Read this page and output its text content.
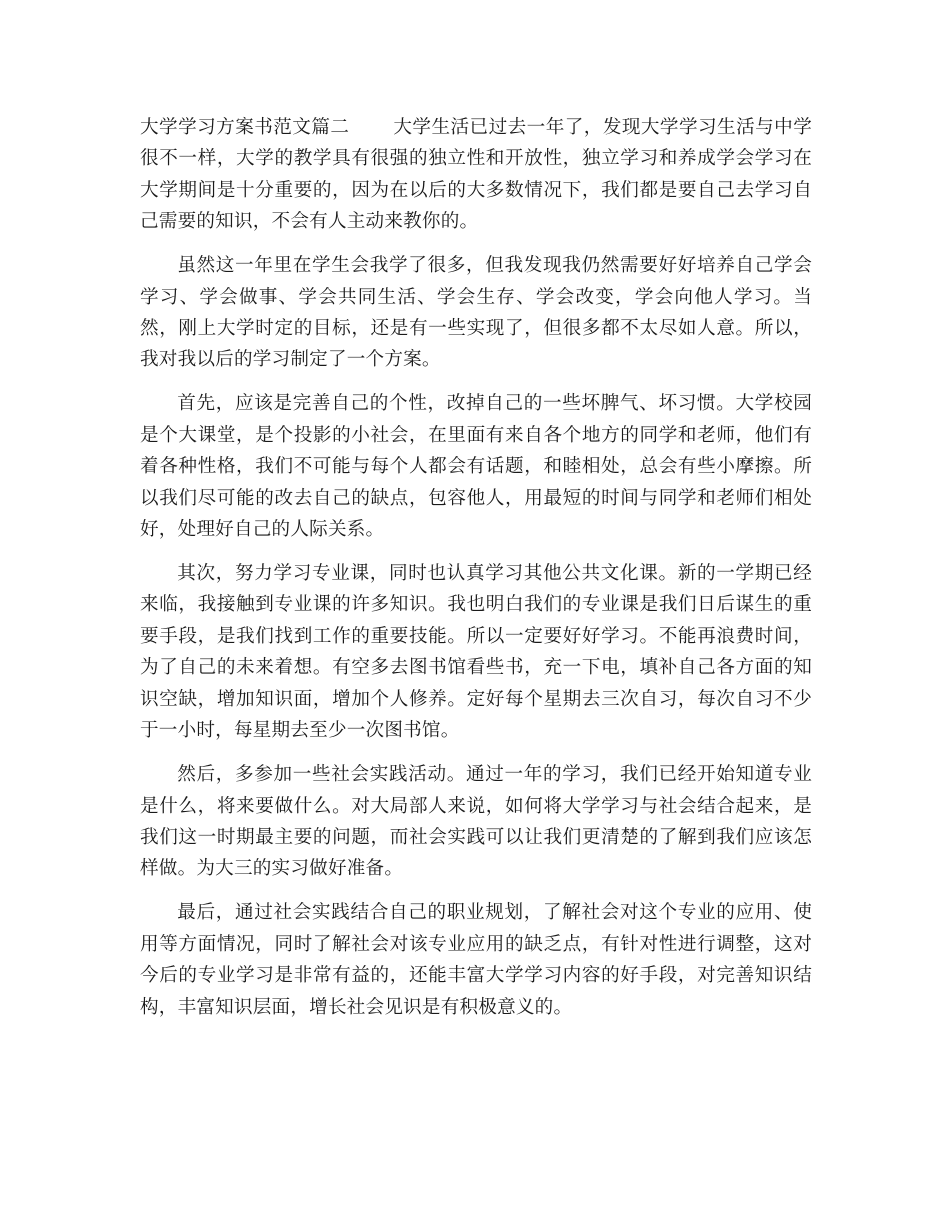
大学学习方案书范文篇二 大学生活已过去一年了，发现大学学习生活与中学很不一样，大学的教学具有很强的独立性和开放性，独立学习和养成学会学习在大学期间是十分重要的，因为在以后的大多数情况下，我们都是要自己去学习自己需要的知识，不会有人主动来教你的。

虽然这一年里在学生会我学了很多，但我发现我仍然需要好好培养自己学会学习、学会做事、学会共同生活、学会生存、学会改变，学会向他人学习。当然，刚上大学时定的目标，还是有一些实现了，但很多都不太尽如人意。所以，我对我以后的学习制定了一个方案。

首先，应该是完善自己的个性，改掉自己的一些坏脾气、坏习惯。大学校园是个大课堂，是个投影的小社会，在里面有来自各个地方的同学和老师，他们有着各种性格，我们不可能与每个人都会有话题，和睦相处，总会有些小摩擦。所以我们尽可能的改去自己的缺点，包容他人，用最短的时间与同学和老师们相处好，处理好自己的人际关系。

其次，努力学习专业课，同时也认真学习其他公共文化课。新的一学期已经来临，我接触到专业课的许多知识。我也明白我们的专业课是我们日后谋生的重要手段，是我们找到工作的重要技能。所以一定要好好学习。不能再浪费时间，为了自己的未来着想。有空多去图书馆看些书，充一下电，填补自己各方面的知识空缺，增加知识面，增加个人修养。定好每个星期去三次自习，每次自习不少于一小时，每星期去至少一次图书馆。

然后，多参加一些社会实践活动。通过一年的学习，我们已经开始知道专业是什么，将来要做什么。对大局部人来说，如何将大学学习与社会结合起来，是我们这一时期最主要的问题，而社会实践可以让我们更清楚的了解到我们应该怎样做。为大三的实习做好准备。

最后，通过社会实践结合自己的职业规划，了解社会对这个专业的应用、使用等方面情况，同时了解社会对该专业应用的缺乏点，有针对性进行调整，这对今后的专业学习是非常有益的，还能丰富大学学习内容的好手段，对完善知识结构，丰富知识层面，增长社会见识是有积极意义的。
